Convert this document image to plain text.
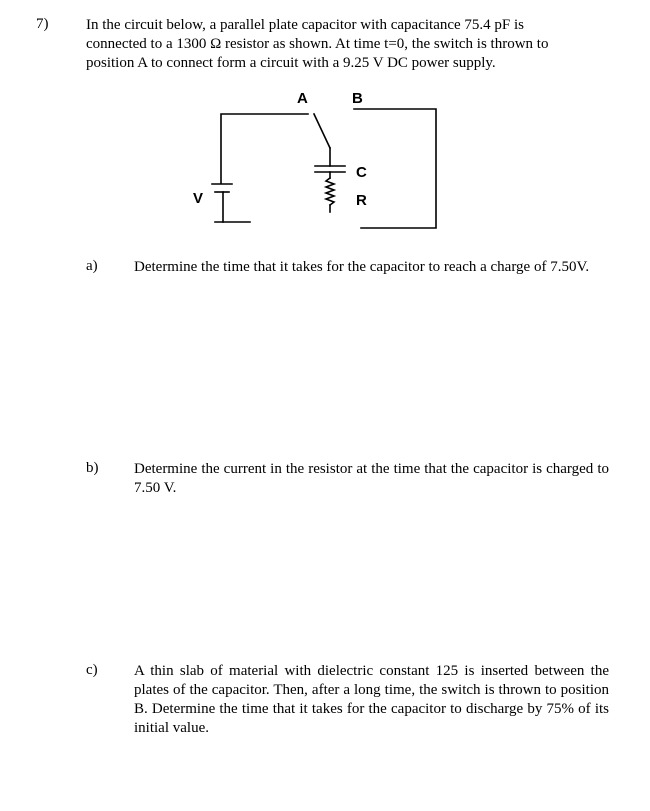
7)	In the circuit below, a parallel plate capacitor with capacitance 75.4 pF is
connected to a 1300 Ω resistor as shown. At time t=0, the switch is thrown to
position A to connect form a circuit with a 9.25 V DC power supply.
A	B
C
R
V
a) Determine the time that it takes for the capacitor to reach a charge of 7.50V.
b) Determine the current in the resistor at the time that the capacitor is charged to 7.50 V.
c) A thin slab of material with dielectric constant 125 is inserted between the plates of the capacitor. Then, after a long time, the switch is thrown to position B. Determine the time that it takes for the capacitor to discharge by 75% of its initial value.
